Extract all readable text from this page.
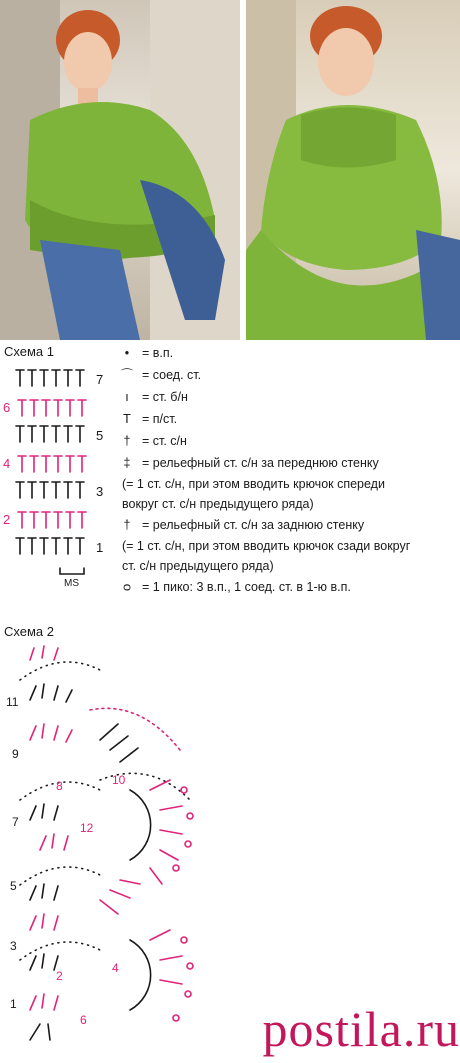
Схема 1
7
6
5
4
3
2
1
MS
•	= в.п.
⌒ = соед. ст.
ı	= ст. б/н
T = п/ст.
† = ст. с/н
‡ = рельефный ст. с/н за переднюю стенку
(= 1 ст. с/н, при этом вводить крючок спереди
вокруг ст. с/н предыдущего ряда)
† = рельефный ст. с/н за заднюю стенку
(= 1 ст. с/н, при этом вводить крючок сзади вокруг
ст. с/н предыдущего ряда)
ᴑ = 1 пико: 3 в.п., 1 соед. ст. в 1-ю в.п.
Схема 2
11
9
8	10
7	12
5
3
2
4
1
6	postila.ru
